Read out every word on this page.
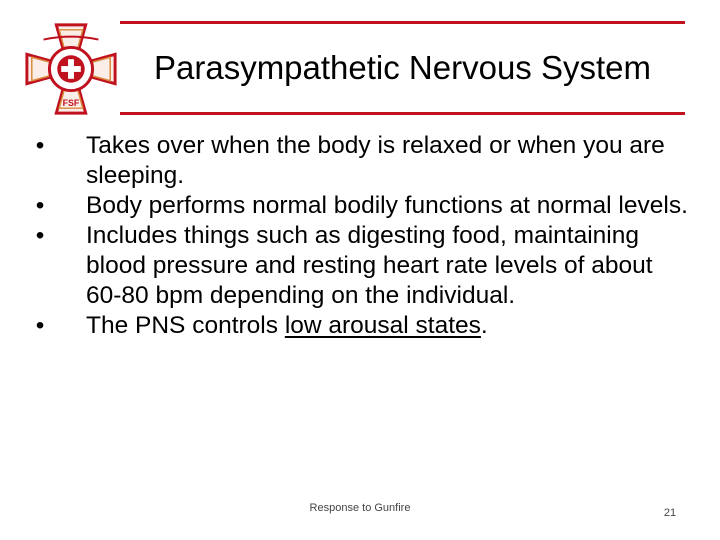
FSF
Parasympathetic Nervous System
• Takes over when the body is relaxed or when you are sleeping.
• Body performs normal bodily functions at normal levels.
• Includes things such as digesting food, maintaining blood pressure and resting heart rate levels of about 60-80 bpm depending on the individual.
• The PNS controls low arousal states.
Response to Gunfire	21
